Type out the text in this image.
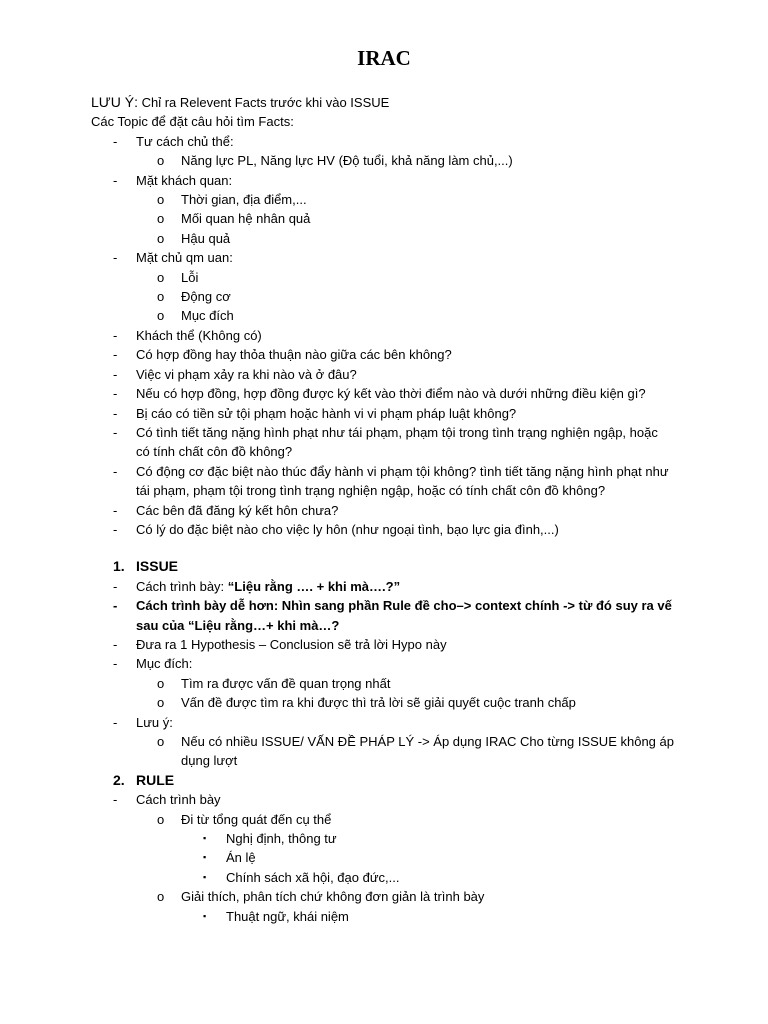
IRAC
LƯU Ý: Chỉ ra Relevent Facts trước khi vào ISSUE
Các Topic để đặt câu hỏi tìm Facts:
- Tư cách chủ thể:
o Năng lực PL, Năng lực HV (Độ tuổi, khả năng làm chủ,...)
- Mặt khách quan:
o Thời gian, địa điểm,...
o Mối quan hệ nhân quả
o Hậu quả
- Mặt chủ qm uan:
o Lỗi
o Động cơ
o Mục đích
- Khách thể (Không có)
- Có hợp đồng hay thỏa thuận nào giữa các bên không?
- Việc vi phạm xảy ra khi nào và ở đâu?
- Nếu có hợp đồng, hợp đồng được ký kết vào thời điểm nào và dưới những điều kiện gì?
- Bị cáo có tiền sử tội phạm hoặc hành vi vi phạm pháp luật không?
- Có tình tiết tăng nặng hình phạt như tái phạm, phạm tội trong tình trạng nghiện ngập, hoặc có tính chất côn đồ không?
- Có động cơ đặc biệt nào thúc đẩy hành vi phạm tội không? tình tiết tăng nặng hình phạt như tái phạm, phạm tội trong tình trạng nghiện ngập, hoặc có tính chất côn đồ không?
- Các bên đã đăng ký kết hôn chưa?
- Có lý do đặc biệt nào cho việc ly hôn (như ngoại tình, bạo lực gia đình,...)
1. ISSUE
- Cách trình bày: “Liệu rằng …. + khi mà….?”
- Cách trình bày dễ hơn: Nhìn sang phần Rule đề cho–> context chính -> từ đó suy ra vế sau của “Liệu rằng…+ khi mà…?
- Đưa ra 1 Hypothesis – Conclusion sẽ trả lời Hypo này
- Mục đích:
o Tìm ra được vấn đề quan trọng nhất
o Vấn đề được tìm ra khi được thì trả lời sẽ giải quyết cuộc tranh chấp
- Lưu ý:
o Nếu có nhiều ISSUE/ VẤN ĐỀ PHÁP LÝ -> Áp dụng IRAC Cho từng ISSUE không áp dụng lượt
2. RULE
- Cách trình bày
o Đi từ tổng quát đến cụ thể
▪ Nghị định, thông tư
▪ Án lệ
▪ Chính sách xã hội, đạo đức,...
o Giải thích, phân tích chứ không đơn giản là trình bày
▪ Thuật ngữ, khái niệm
